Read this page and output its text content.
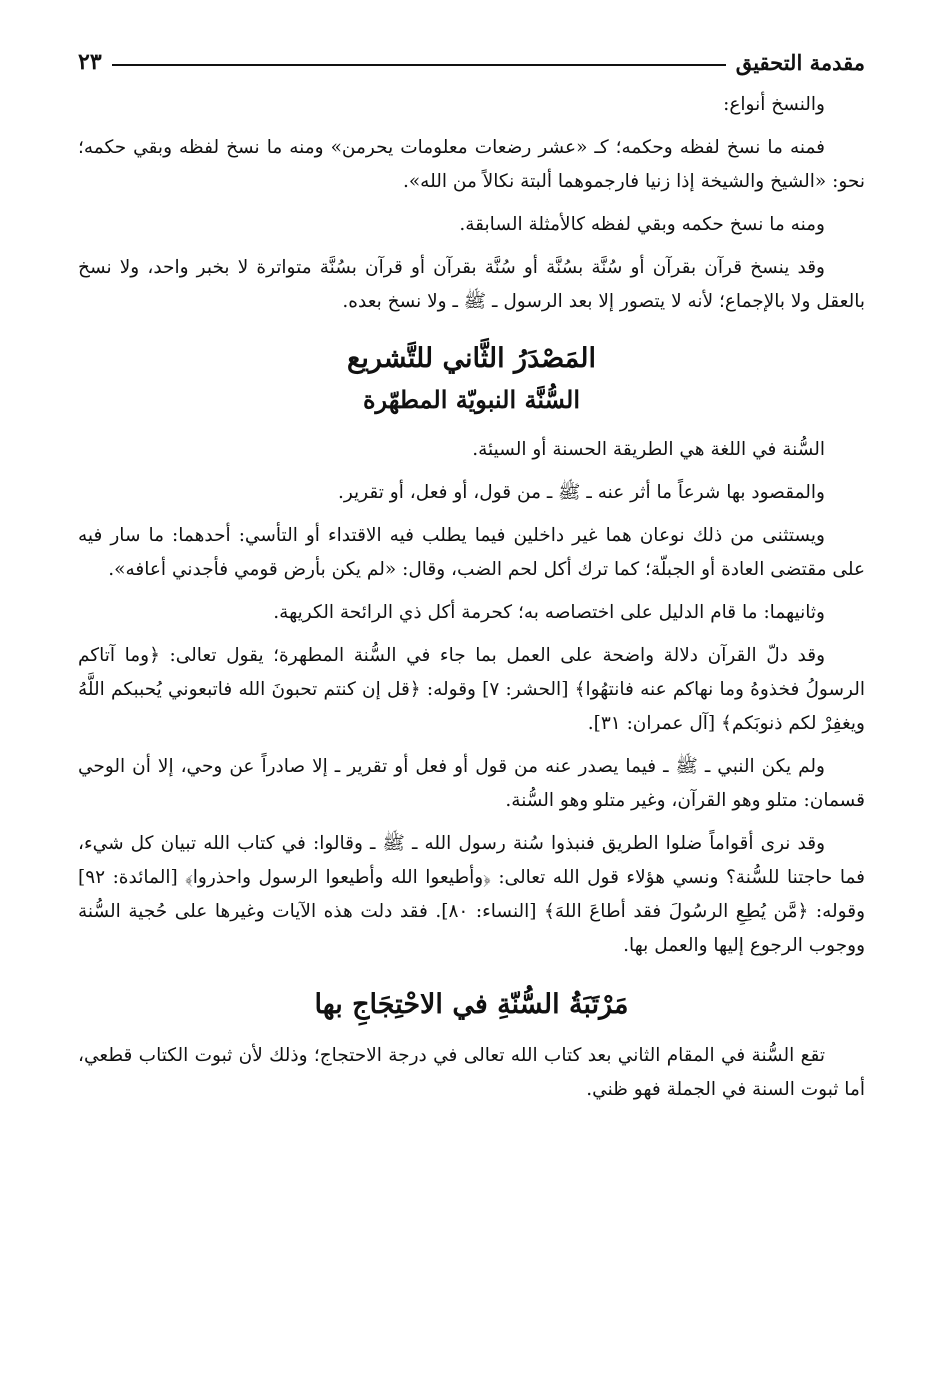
مقدمة التحقيق
٢٣

والنسخ أنواع:

فمنه ما نسخ لفظه وحكمه؛ كـ «عشر رضعات معلومات يحرمن» ومنه ما نسخ لفظه وبقي حكمه؛ نحو: «الشيخ والشيخة إذا زنيا فارجموهما ألبتة نكالاً من الله».

ومنه ما نسخ حكمه وبقي لفظه كالأمثلة السابقة.

وقد ينسخ قرآن بقرآن أو سُنَّة بسُنَّة أو سُنَّة بقرآن أو قرآن بسُنَّة متواترة لا بخبر واحد، ولا نسخ بالعقل ولا بالإجماع؛ لأنه لا يتصور إلا بعد الرسول ـ ﷺ ـ ولا نسخ بعده.

المَصْدَرُ الثَّاني للتَّشريع
السُّنَّة النبويّة المطهّرة

السُّنة في اللغة هي الطريقة الحسنة أو السيئة.

والمقصود بها شرعاً ما أثر عنه ـ ﷺ ـ من قول، أو فعل، أو تقرير.

ويستثنى من ذلك نوعان هما غير داخلين فيما يطلب فيه الاقتداء أو التأسي: أحدهما: ما سار فيه على مقتضى العادة أو الجبلّة؛ كما ترك أكل لحم الضب، وقال: «لم يكن بأرض قومي فأجدني أعافه».

وثانيهما: ما قام الدليل على اختصاصه به؛ كحرمة أكل ذي الرائحة الكريهة.

وقد دلّ القرآن دلالة واضحة على العمل بما جاء في السُّنة المطهرة؛ يقول تعالى: ﴿وما آتاكم الرسولُ فخذوهُ وما نهاكم عنه فانتهُوا﴾ [الحشر: ٧] وقوله: ﴿قل إن كنتم تحبونَ الله فاتبعوني يُحببكم اللَّهُ ويغفِرْ لكم ذنوبَكم﴾ [آل عمران: ٣١].

ولم يكن النبي ـ ﷺ ـ فيما يصدر عنه من قول أو فعل أو تقرير ـ إلا صادراً عن وحي، إلا أن الوحي قسمان: متلو وهو القرآن، وغير متلو وهو السُّنة.

وقد نرى أقواماً ضلوا الطريق فنبذوا سُنة رسول الله ـ ﷺ ـ وقالوا: في كتاب الله تبيان كل شيء، فما حاجتنا للسُّنة؟ ونسي هؤلاء قول الله تعالى: ﴿وأطيعوا الله وأطيعوا الرسول واحذروا﴾ [المائدة: ٩٢] وقوله: ﴿مَّن يُطِعِ الرسُولَ فقد أطاعَ اللهَ﴾ [النساء: ٨٠]. فقد دلت هذه الآيات وغيرها على حُجية السُّنة ووجوب الرجوع إليها والعمل بها.

مَرْتَبَةُ السُّنّةِ في الاحْتِجَاجِ بها

تقع السُّنة في المقام الثاني بعد كتاب الله تعالى في درجة الاحتجاج؛ وذلك لأن ثبوت الكتاب قطعي، أما ثبوت السنة في الجملة فهو ظني.
